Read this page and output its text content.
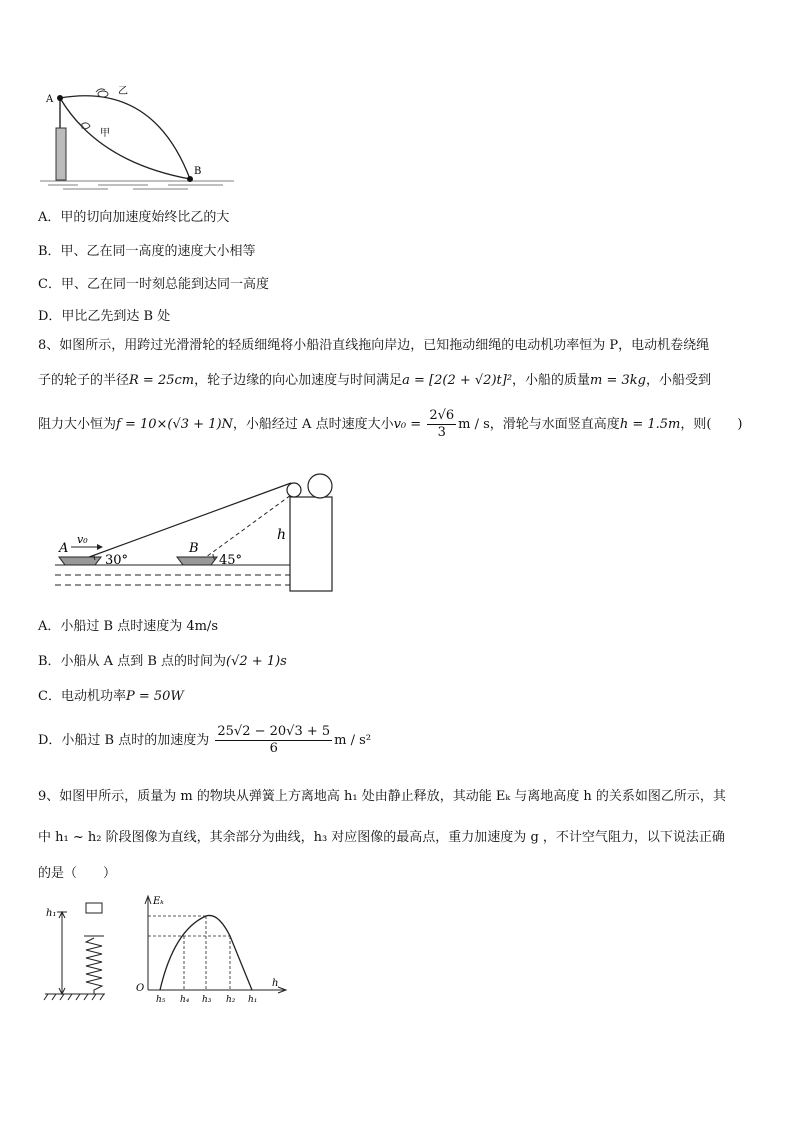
A
B
乙
甲
A．甲的切向加速度始终比乙的大
B．甲、乙在同一高度的速度大小相等
C．甲、乙在同一时刻总能到达同一高度
D．甲比乙先到达 B 处
8、如图所示，用跨过光滑滑轮的轻质细绳将小船沿直线拖向岸边，已知拖动细绳的电动机功率恒为 P，电动机卷绕绳
子的轮子的半径R = 25cm，轮子边缘的向心加速度与时间满足a = [2(2 + √2)t]²，小船的质量m = 3kg，小船受到
阻力大小恒为f = 10×(√3 + 1)N，小船经过 A 点时速度大小$v_0 = \frac{2√6}{3}$ m / s，滑轮与水面竖直高度h = 1.5m，则(　　)
A
v₀
30°
B
45°
h
A．小船过 B 点时速度为 4m/s
B．小船从 A 点到 B 点的时间为(√2 + 1)s
C．电动机功率P = 50W
D．小船过 B 点时的加速度为 $\frac{25√2 - 20√3 + 5}{6}$ m / s²
9、如图甲所示，质量为 m 的物块从弹簧上方离地高 h₁ 处由静止释放，其动能 Eₖ 与离地高度 h 的关系如图乙所示，其
中 h₁ ~ h₂ 阶段图像为直线，其余部分为曲线，h₃ 对应图像的最高点，重力加速度为 g ，不计空气阻力，以下说法正确
的是（　　）
h₁
Eₖ
O	h
h₅ h₄ h₃ h₂ h₁
